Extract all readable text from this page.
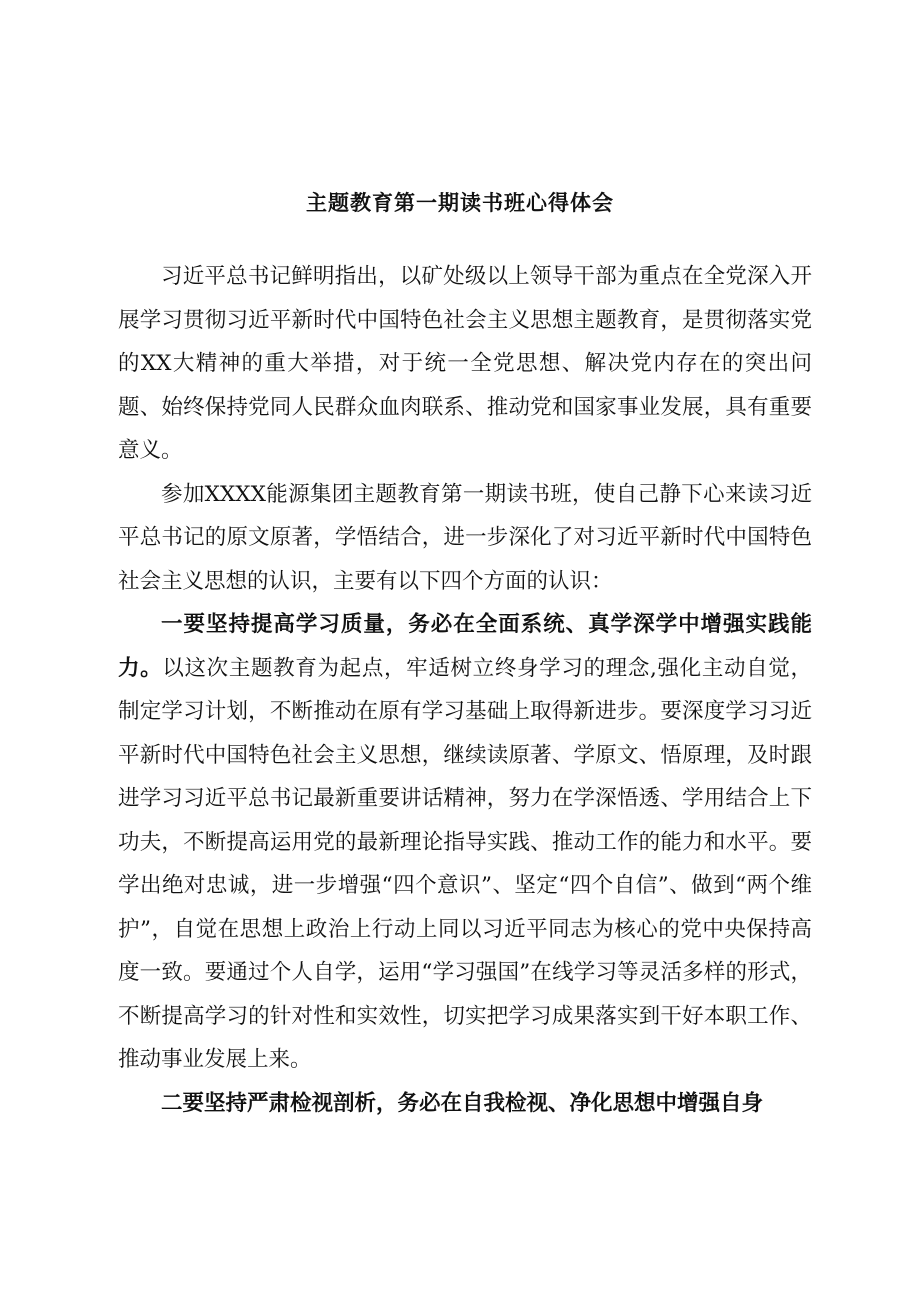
主题教育第一期读书班心得体会

习近平总书记鲜明指出，以矿处级以上领导干部为重点在全党深入开展学习贯彻习近平新时代中国特色社会主义思想主题教育，是贯彻落实党的XX大精神的重大举措，对于统一全党思想、解决党内存在的突出问题、始终保持党同人民群众血肉联系、推动党和国家事业发展，具有重要意义。

参加XXXX能源集团主题教育第一期读书班，使自己静下心来读习近平总书记的原文原著，学悟结合，进一步深化了对习近平新时代中国特色社会主义思想的认识，主要有以下四个方面的认识：

一要坚持提高学习质量，务必在全面系统、真学深学中增强实践能力。以这次主题教育为起点，牢适树立终身学习的理念,强化主动自觉，制定学习计划，不断推动在原有学习基础上取得新进步。要深度学习习近平新时代中国特色社会主义思想，继续读原著、学原文、悟原理，及时跟进学习习近平总书记最新重要讲话精神，努力在学深悟透、学用结合上下功夫，不断提高运用党的最新理论指导实践、推动工作的能力和水平。要学出绝对忠诚，进一步增强“四个意识”、坚定“四个自信”、做到“两个维护”，自觉在思想上政治上行动上同以习近平同志为核心的党中央保持高度一致。要通过个人自学，运用“学习强国”在线学习等灵活多样的形式，不断提高学习的针对性和实效性，切实把学习成果落实到干好本职工作、推动事业发展上来。

二要坚持严肃检视剖析，务必在自我检视、净化思想中增强自身
